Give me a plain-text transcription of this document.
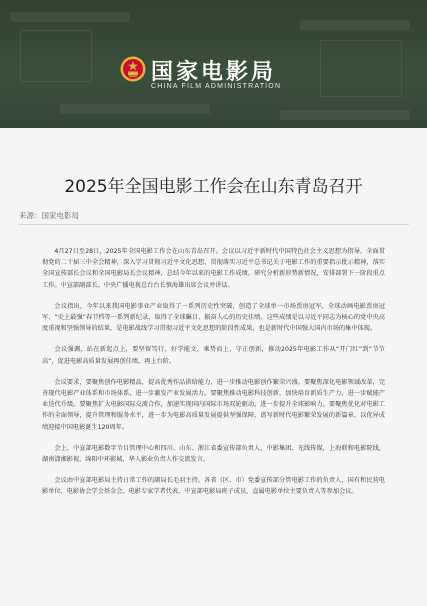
国家电影局
CHINA FILM ADMINISTRATION
2025年全国电影工作会在山东青岛召开
来源：国家电影局

4月27日至28日，2025年全国电影工作会在山东青岛召开。会议以习近平新时代中国特色社会主义思想为指导，全面贯彻党的二十届三中全会精神，深入学习贯彻习近平文化思想，贯彻落实习近平总书记关于电影工作的重要指示批示精神，落实全国宣传部长会议和全国电影局长会议精神，总结今年以来的电影工作成绩，研究分析新形势新情况，安排部署下一阶段重点工作。中宣部副部长、中央广播电视总台台长慎海雄出席会议并讲话。

会议指出，今年以来我国电影事业产业取得了一系列历史性突破，创造了全球单一市场票房冠军、全球动画电影票房冠军、“史上最强”春节档等一系列新纪录，取得了全球瞩目、振奋人心的历史佳绩。这些成绩是以习近平同志为核心的党中央高度重视和坚强领导的结果，是电影战线学习贯彻习近平文化思想的阶段性成果，也是新时代中国强大国内市场的集中体现。

会议强调，站在新起点上，要坚留笃行、好学能文，乘势而上、守正创新，推动2025年电影工作从“开门红”到“节节高”，促进电影高质量发展再创佳绩、再上台阶。

会议要求，要聚焦创作电影精品，提高优秀作品供给能力，进一步推动电影创作繁荣兴盛。要聚焦深化电影领域改革，完善现代电影产业体系和市场体系，进一步激发产业发展活力。要聚焦推动电影科技创新，加快培育新质生产力，进一步赋能产业迭代升级。要聚焦扩大电影国际交流合作，加速实现国内国际市场双轮驱动，进一步提升全球影响力。要聚焦优化对电影工作的全面领导，提升管理和服务水平，进一步为电影高质量发展提供坚强保障，谱写新时代电影繁荣发展的新篇章，以优异成绩迎接中国电影诞生120周年。

会上，中宣部电影数字节目管理中心和四川、山东、浙江省委宣传部负责人，中影集团、光线传媒，上海联和电影院线，湖南潇湘影视，绵阳中环影城，华人影业负责人作交流发言。

会议由中宣部电影局主持日常工作的副局长毛羽主持。各省（区、市）党委宣传部分管电影工作的负责人，国有和民营电影单位、电影协会学会基金会、电影专家学者代表，中宣部电影局班子成员，直属电影单位主要负责人等参加会议。
